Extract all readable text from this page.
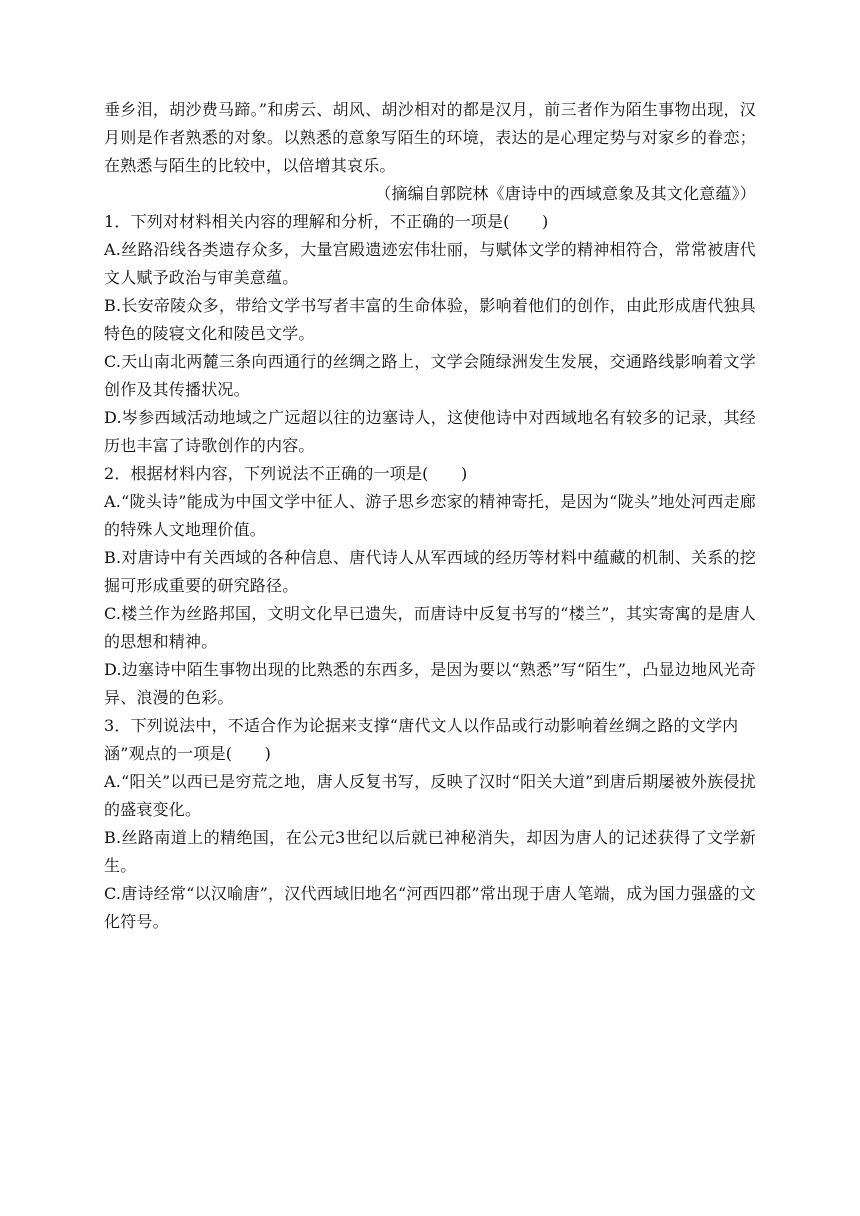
垂乡泪，胡沙费马蹄。”和虏云、胡风、胡沙相对的都是汉月，前三者作为陌生事物出现，汉月则是作者熟悉的对象。以熟悉的意象写陌生的环境，表达的是心理定势与对家乡的眷恋；在熟悉与陌生的比较中，以倍增其哀乐。

（摘编自郭院林《唐诗中的西域意象及其文化意蕴》）

1．下列对材料相关内容的理解和分析，不正确的一项是(　　)

A.丝路沿线各类遗存众多，大量宫殿遗迹宏伟壮丽，与赋体文学的精神相符合，常常被唐代文人赋予政治与审美意蕴。

B.长安帝陵众多，带给文学书写者丰富的生命体验，影响着他们的创作，由此形成唐代独具特色的陵寝文化和陵邑文学。

C.天山南北两麓三条向西通行的丝绸之路上，文学会随绿洲发生发展，交通路线影响着文学创作及其传播状况。

D.岑参西域活动地域之广远超以往的边塞诗人，这使他诗中对西域地名有较多的记录，其经历也丰富了诗歌创作的内容。

2．根据材料内容，下列说法不正确的一项是(　　)

A.“陇头诗”能成为中国文学中征人、游子思乡恋家的精神寄托，是因为“陇头”地处河西走廊的特殊人文地理价值。

B.对唐诗中有关西域的各种信息、唐代诗人从军西域的经历等材料中蕴藏的机制、关系的挖掘可形成重要的研究路径。

C.楼兰作为丝路邦国，文明文化早已遗失，而唐诗中反复书写的“楼兰”，其实寄寓的是唐人的思想和精神。

D.边塞诗中陌生事物出现的比熟悉的东西多，是因为要以“熟悉”写“陌生”，凸显边地风光奇异、浪漫的色彩。

3．下列说法中，不适合作为论据来支撑“唐代文人以作品或行动影响着丝绸之路的文学内涵”观点的一项是(　　)

A.“阳关”以西已是穷荒之地，唐人反复书写，反映了汉时“阳关大道”到唐后期屡被外族侵扰的盛衰变化。

B.丝路南道上的精绝国，在公元3世纪以后就已神秘消失，却因为唐人的记述获得了文学新生。

C.唐诗经常“以汉喻唐”，汉代西域旧地名“河西四郡”常出现于唐人笔端，成为国力强盛的文化符号。
